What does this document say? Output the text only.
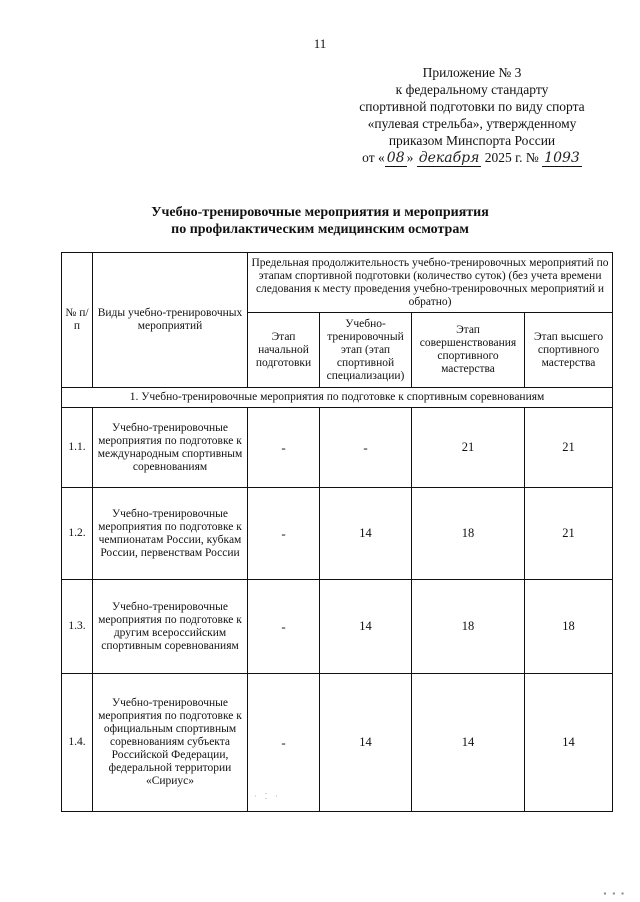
11
Приложение № 3
к федеральному стандарту
спортивной подготовки по виду спорта
«пулевая стрельба», утвержденному
приказом Минспорта России
от « 08 » декабря 2025 г. № 1093
Учебно-тренировочные мероприятия и мероприятия
по профилактическим медицинским осмотрам
№ п/п	Виды учебно-тренировочных мероприятий	Предельная продолжительность учебно-тренировочных мероприятий по этапам спортивной подготовки (количество суток) (без учета времени следования к месту проведения учебно-тренировочных мероприятий и обратно)			
		Этап начальной подготовки	Учебно-тренировочный этап (этап спортивной специализации)	Этап совершенствования спортивного мастерства	Этап высшего спортивного мастерства
1. Учебно-тренировочные мероприятия по подготовке к спортивным соревнованиям					
1.1.	Учебно-тренировочные мероприятия по подготовке к международным спортивным соревнованиям	-	-	21	21
1.2.	Учебно-тренировочные мероприятия по подготовке к чемпионатам России, кубкам России, первенствам России	-	14	18	21
1.3.	Учебно-тренировочные мероприятия по подготовке к другим всероссийским спортивным соревнованиям	-	14	18	18
1.4.	Учебно-тренировочные мероприятия по подготовке к официальным спортивным соревнованиям субъекта Российской Федерации, федеральной территории «Сириус»	-	14	14	14
· ⁚ ·
▪ ▪ ▪
